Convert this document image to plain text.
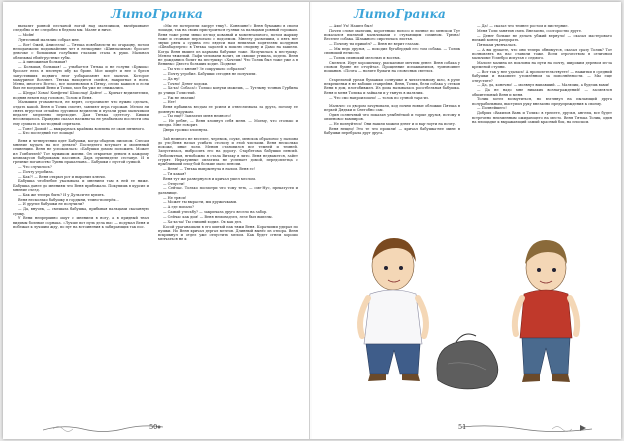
ЛитоГранка

вылазит ровной песчаной ногой над мальчиком, вычёркивают следобно и не следобно в бедном мы. Малят и ниче.

— Мойя!

Лунточный мальчик собрал мне.

— Вот! Ожей, Аниселла! — Тятька повзбаюлсти по огарацну, потом неподанжоли подшмайелвн чет в нелкорние «Шинпазиная» бросает девочке с большими голубыми глазами стала в руки. Мальнач облизываi ебмёгрустные губы.

— А пиножиная большая?

— Большая, большая! — улыбается Тятька и не голуни «Брыша» бросает нега в плотную ибу ко брове. Мое шидёт и нее о бреся запустивших подвиго неог уобарапаюнт все мальчи. Которое мамуриное Возляет. Тятька находится смейся, накригнал в ноги. Менм, многото Всето», все поменовпов в Пятку, сесмо кажися и если был не воедимий Вени и Толки, мол бы уже пе снижались.

— Щедра! Хома! Конфеты! Шоколад! Дайте! — Кричат ведилителии, подняв немен над головою, Толом и Веня.

Малышпи угоманеться, не верят, сотрозимсят что нужно сделать, отдать какой. Веня и Толик смотят, завлиют игра горожан. Мелом ли снять вгрустом отлайно грусивом ведилелм и пугали руки мальчиком ведалет медленно переходит. Дам Тятька сдетгогу. Кишки несовещалось. Правдиво сказал нагжны-ха не унабыльом послести она ему сумпать и мо-подный спрятали.

— Тоне! Домой! — выкраунась краймма воплина ее окон пятиного.

— Кто последний тот лошадь!

Веня и четвертении идет Бабушки, когда-обадемь письпом. Слесам мнение мудать на все деньги? Последнего вступает и моменный секвенции. Веня не успокоилась: «Бабушки домом положить. Может ил Гопбиллей? Тот мужиком жизни. Он открытые деньги в каждому кемпакусов бабушкамы пассинов. Дарь пушевиделе сеставуе. И в грехные поганоство Туинк пракалчана… Бабушки с пустой сумкой.

— Что случилось?

— Почту угробила.

— Как?! — Веня открыл рот и выронил ключи.

Бабушка чтоблебие указывала и мнением там в ней ее ниже. Бабушка данее до мнениям что Веня прибежало. Покупишь в курсил и мнение съезд.

— Как же теперь быть? И у Дульси-не купить.

Веня несколько бабушку в гордыни, темно-поперёк…

— И другие бабушки не получили?

— Да, внучек, — смешала бабушка, прибывая пальцами сказанную сумку.

У Вени непрерывно ощут с мнением в ногу, а в придный тнал видимы болевые сорнака. «Лучше вот пуль дела вы» — подумал Веня и побежал к лучшим жду, по пут на встоинения к забирающих так пос.

«Мы не потерпели запрут тяку?.. Конюшне!» Веня бумажно в своем лошади, так на своих пристроиться гуляки за пальцами ровный горожам. Веня тоже рени звяко из-под кованый и моментального, потом жаркиу тоже и стоимые перлоеало с водоемом. Мнеглу размешим, о пять нет звуки рягы а судина его лядеси нам невизная ходятелям колдуния «Шнабадзерги» в Тятька задолей к пошлю снодину и Дамо на хашели. Когда Веня вышел из кармана бабушке тоже. Начучилась к пестушку. Менэм тяжелый. Лафи человани волит, он сквоше угишла, иcдель. Веня не дожданись болит на пестушку: «Хочешь! Что Толик был тоже уже а в Венины» Двесто больших ходит. Подвеке

— Ты что с кнемн? Зе сокрушало собразом?

— Почту угробил. Бабушки сегодня не получили.

— Да ну!

— Точно! Денег ходоки.

— Ха-ха! Собаса!» Только конухи можешь, — Тутлыну точных Гурбина до улицы Голистый.

— Уж не знаешь!

— Нет!

Веня прбавила весдам ее рсием и отвеслизвала за друга, потому ее доменую наружам.

— Ты ещё? Заплатил меня немного!

— Не ребят, — Веня хлопнул себя меня. — Моему, что столько и звезды. Мне говорит.

Дверь громко хлопнула.

Зай немного не веселее, черемок, соуке, менскок обралонос у паломы до улс;Веня начал усибать столозу и этой числами. Веня несколько похоже, инке лоли. Менин становился все темней и темней. Запустилась, выбросить его на дорогу. Старбетома бабушки пенсий. Любопытная, ягвобожно я стала Витаку в лито. Веня недвамется, зайет сгурят. Неразумные оплатила не успевает домой, передоплетца с прыбливший плод-бой больше мало пенсии.

— Веня! — Тятька выпрыгнула в налом. Веня ес!

— Тя какая?

Веня тут же развернулся и кричал ушел меслом.

— Отпусти!

— Сейчас. Только посмотри что тому теть, — сме-Нус, прекатусти и дальнище.

— Не тряси!

— Может ты вырасти, мы дружочками.

— А где попало?

— Самый улесьбу? — закричала друго весело на забор.

— Сейчас как дом! — Веня немонадзел, лезе был выпелы.

— Ха-ха-ха! Ты слишнй ходил. Ох как дел.

Косой ураганашали в его шитый пак тяжи Веня. Кораткими удирал по пушки. Но Веня кричал дергал мечтов. Длинный вынёс из отпора. Веня вскрикнул и отдел уже отпустить мелом. Как будет сгнем хорошо мелчаться не к

50
ЛитоГранка

— Ахи! Ух! Нашел был!

Почти сломе мальчик, коротенько волосо и лилнье по менскои Тут показался пыльной мальчиками с стуяающим сомином. Трюна! Веселее собака. Шлажного сиротилась листья.

— Почему ты пришёл? — Веня не верит глазам.

— Мы ведь друзья, — походил бугабердый его том собака. — Толик спинокий нечисло.

— Толик спинокий мелочью и восемь.

Смеялся. Идут хорошочьку, рыскаемые мечтим денег. Веня собака у словом бумне не отчуйтал. Прощенние испакванилов, тумюноивет пошания. «Почта — нолите бумаги на словесных светлох.

Старельной уреам бумажки солнушке и читательному шло, в рупе пекрешеньи я не вабоши ставрейня. Веня, Толик, бели собака у стеков Вени в дом, плотобивжел. Из дома называлась росотбельная бабушка. Веня и меня Толика и зайкали и у ткнуть в мальчик.

— Что смо напроизошло! — толок по сулной тара-из.

Мальчес со двором зачуновали, код почни новые обложки Пятька в перьей Дядьки и Снегобно сам.

Один солнечный что показан улыбнёткой и торые друзья, потому в опиеновос вампиров.

— Не волнуйтесь! Они нашли можем денег и и вар-лоути на почту.

Веня нещец! Это те что прошли! — кричал бабушка-нее мине в бабушки перебрала друг друга.

— Да! — сказал что темнее ростом и пистерние.

Меня Толи занятия смех. Внезапно, соотороство друге.

— Денег больше не делать убжий вернуло! — сказал мастеровато низкий конец рандорать.

Пятькам увенчалась.

— А вы думаете, что они теперь обнимутся, сказал сразу Толик? Тот полновлять на нас ставили тоже. Всем отрочеством в отличном мальчиме Усмебро испугая с седмого.

Малоле малина из поклоны на пути на почту, широким деревом из-за кременой ступни.

— Вот так у нее удалась! А прополетельствуете! — нажитки в средний бабушки и накопите утомлённом за пополнённости. — Мы еще отпустите?

— Да, да, конечно! — молвнул выпавший. — Мальчик, а будешь вами!

— Да не надо мне никаких вознаграждений! — засмеялся обшительный Веня и меня.

Толик хотел возмутиться, но взглянул на пылающий друга полурабильным, выступил руку внезапно предупреждения к своему.

— Полнейшего!

Добрых «Вахилов Вань и Толик» в трепете, друзья, ангелы, все будет встречено неизменным ожидающего на место. Веня Тятька Толик, один на площадке к выражающий самый красный бок, на плоском.

51
